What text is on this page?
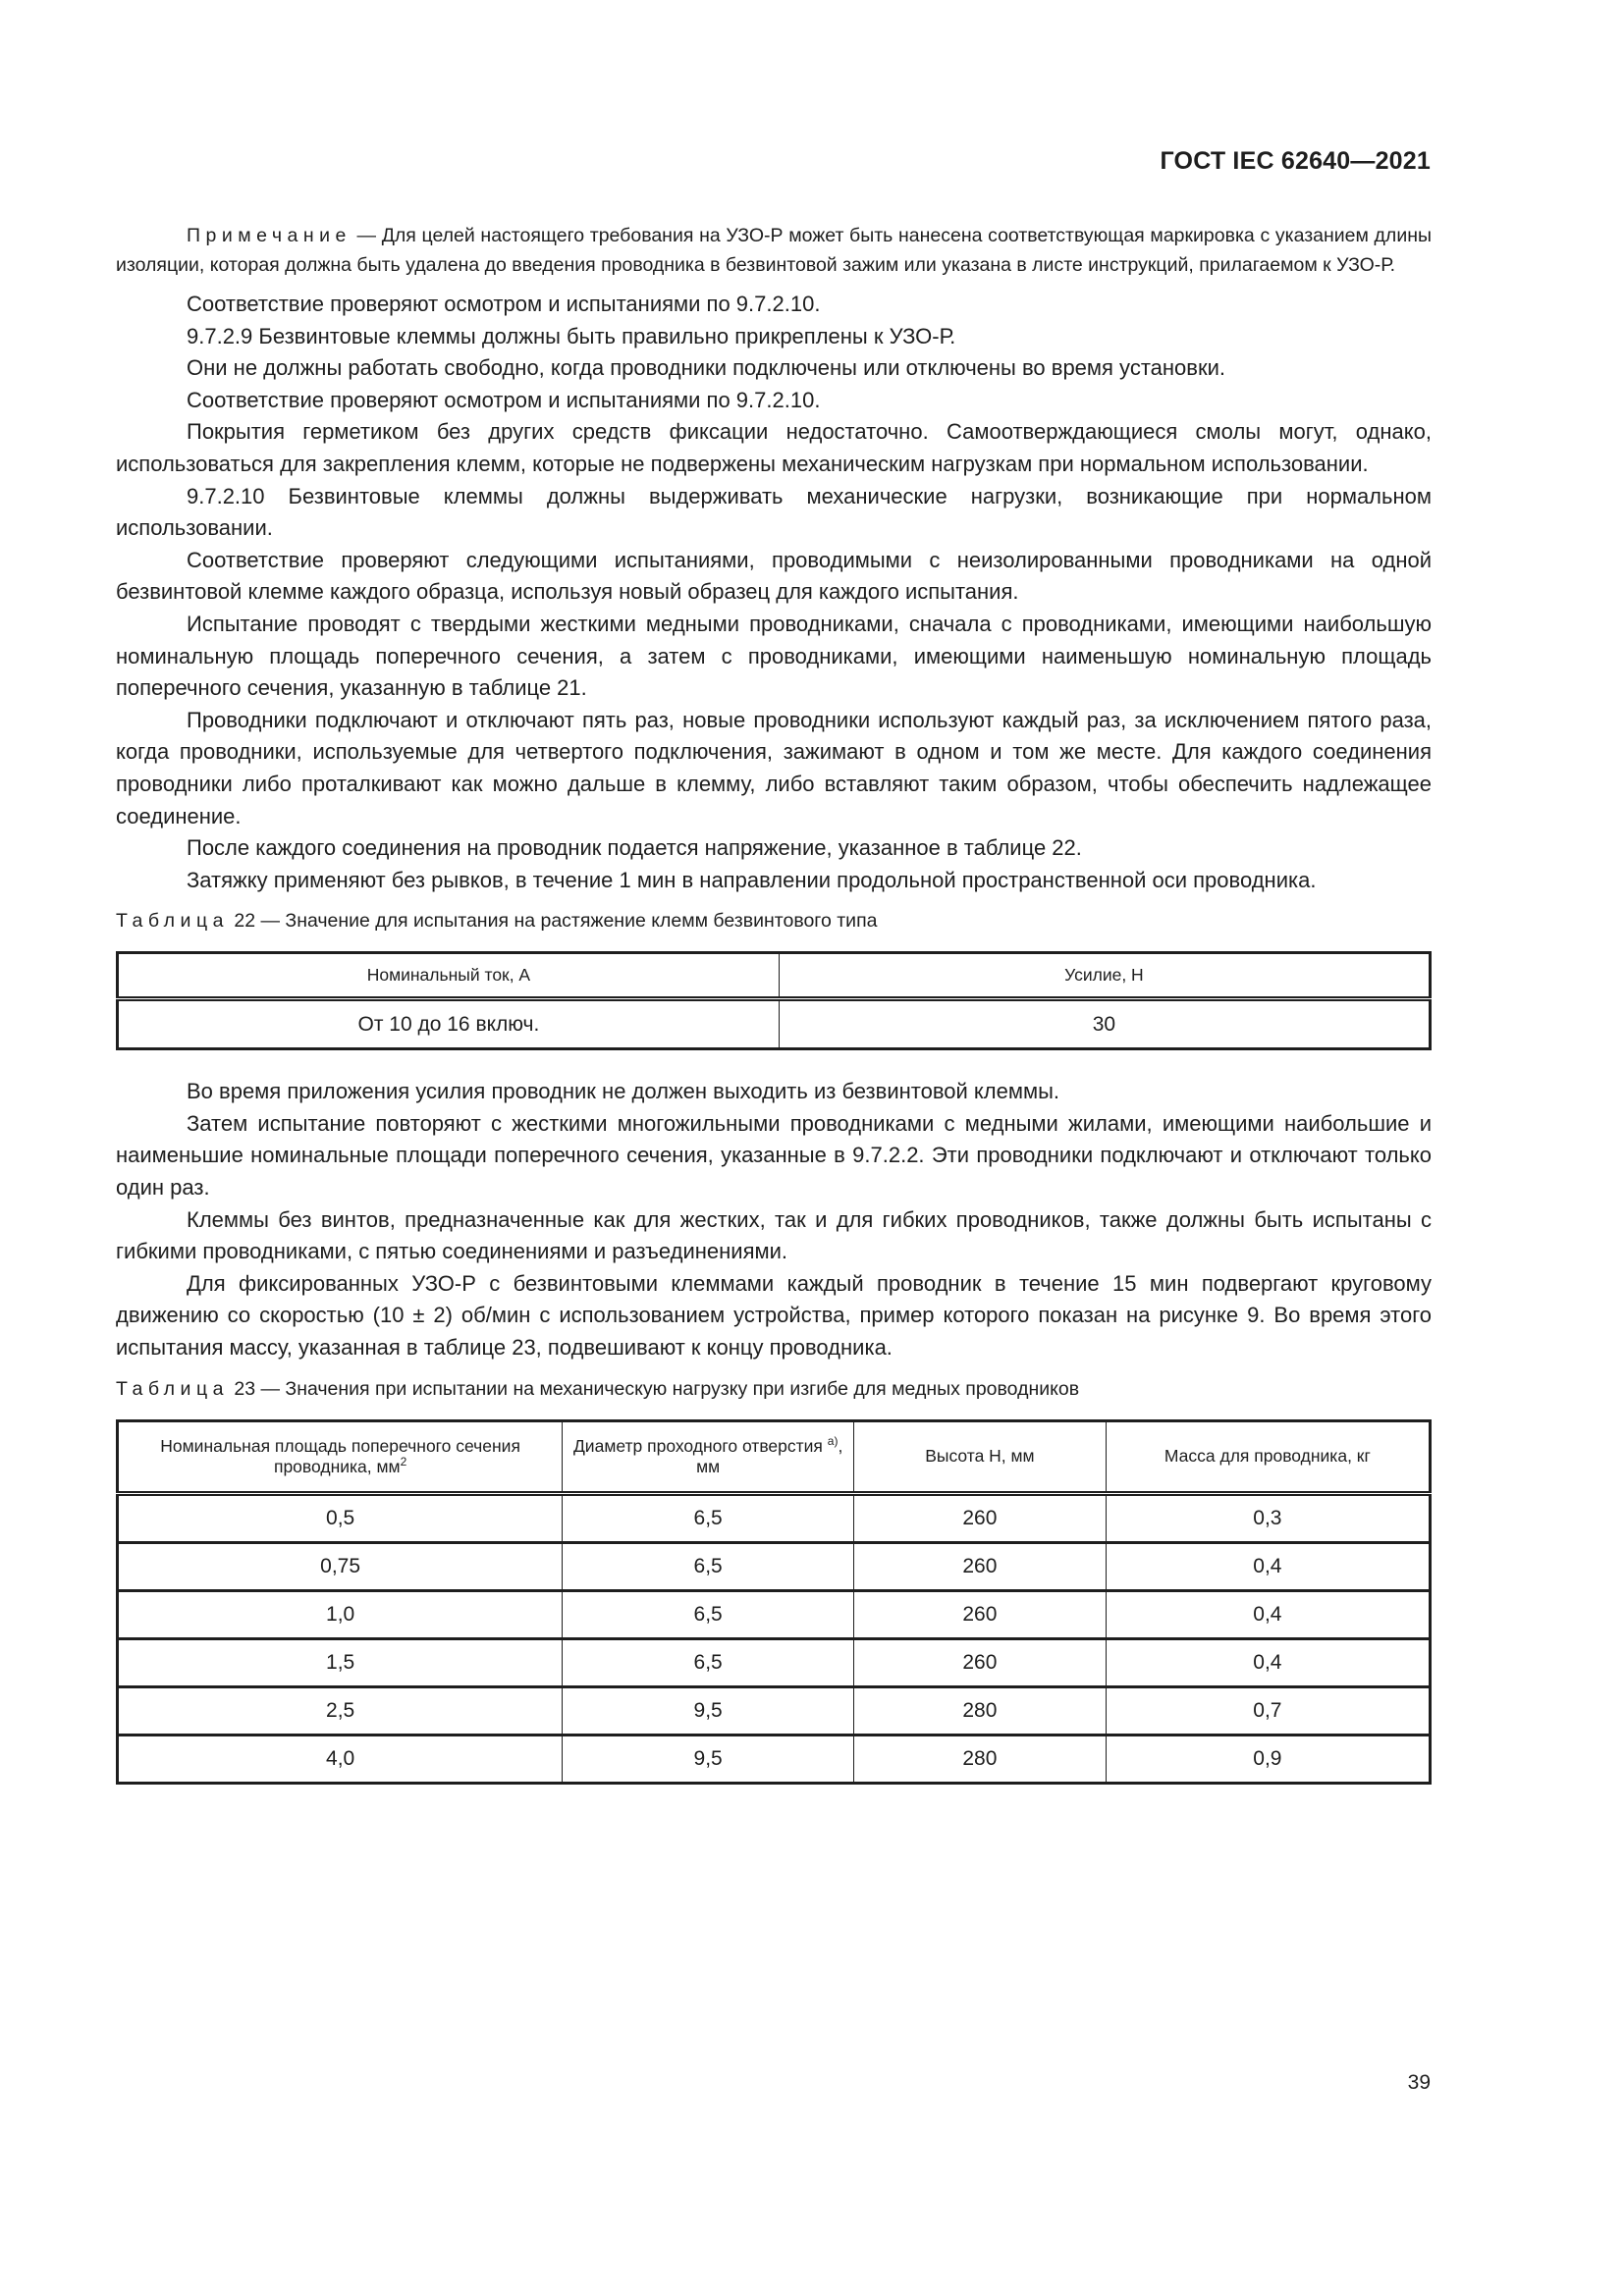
ГОСТ IEC 62640—2021

Примечание — Для целей настоящего требования на УЗО-Р может быть нанесена соответствующая маркировка с указанием длины изоляции, которая должна быть удалена до введения проводника в безвинтовой зажим или указана в листе инструкций, прилагаемом к УЗО-Р.

Соответствие проверяют осмотром и испытаниями по 9.7.2.10.

9.7.2.9 Безвинтовые клеммы должны быть правильно прикреплены к УЗО-Р.

Они не должны работать свободно, когда проводники подключены или отключены во время установки.

Соответствие проверяют осмотром и испытаниями по 9.7.2.10.

Покрытия герметиком без других средств фиксации недостаточно. Самоотверждающиеся смолы могут, однако, использоваться для закрепления клемм, которые не подвержены механическим нагрузкам при нормальном использовании.

9.7.2.10 Безвинтовые клеммы должны выдерживать механические нагрузки, возникающие при нормальном использовании.

Соответствие проверяют следующими испытаниями, проводимыми с неизолированными проводниками на одной безвинтовой клемме каждого образца, используя новый образец для каждого испытания.

Испытание проводят с твердыми жесткими медными проводниками, сначала с проводниками, имеющими наибольшую номинальную площадь поперечного сечения, а затем с проводниками, имеющими наименьшую номинальную площадь поперечного сечения, указанную в таблице 21.

Проводники подключают и отключают пять раз, новые проводники используют каждый раз, за исключением пятого раза, когда проводники, используемые для четвертого подключения, зажимают в одном и том же месте. Для каждого соединения проводники либо проталкивают как можно дальше в клемму, либо вставляют таким образом, чтобы обеспечить надлежащее соединение.

После каждого соединения на проводник подается напряжение, указанное в таблице 22.

Затяжку применяют без рывков, в течение 1 мин в направлении продольной пространственной оси проводника.

Таблица 22 — Значение для испытания на растяжение клемм безвинтового типа

Номинальный ток, А	Усилие, Н
От 10 до 16 включ.	30

Во время приложения усилия проводник не должен выходить из безвинтовой клеммы.

Затем испытание повторяют с жесткими многожильными проводниками с медными жилами, имеющими наибольшие и наименьшие номинальные площади поперечного сечения, указанные в 9.7.2.2. Эти проводники подключают и отключают только один раз.

Клеммы без винтов, предназначенные как для жестких, так и для гибких проводников, также должны быть испытаны с гибкими проводниками, с пятью соединениями и разъединениями.

Для фиксированных УЗО-Р с безвинтовыми клеммами каждый проводник в течение 15 мин подвергают круговому движению со скоростью (10 ± 2) об/мин с использованием устройства, пример которого показан на рисунке 9. Во время этого испытания массу, указанная в таблице 23, подвешивают к концу проводника.

Таблица 23 — Значения при испытании на механическую нагрузку при изгибе для медных проводников

Номинальная площадь поперечного сечения проводника, $мм^2$	Диаметр проходного отверстия $^{а)}$, мм	Высота Н, мм	Масса для проводника, кг
0,5	6,5	260	0,3
0,75	6,5	260	0,4
1,0	6,5	260	0,4
1,5	6,5	260	0,4
2,5	9,5	280	0,7
4,0	9,5	280	0,9
39
